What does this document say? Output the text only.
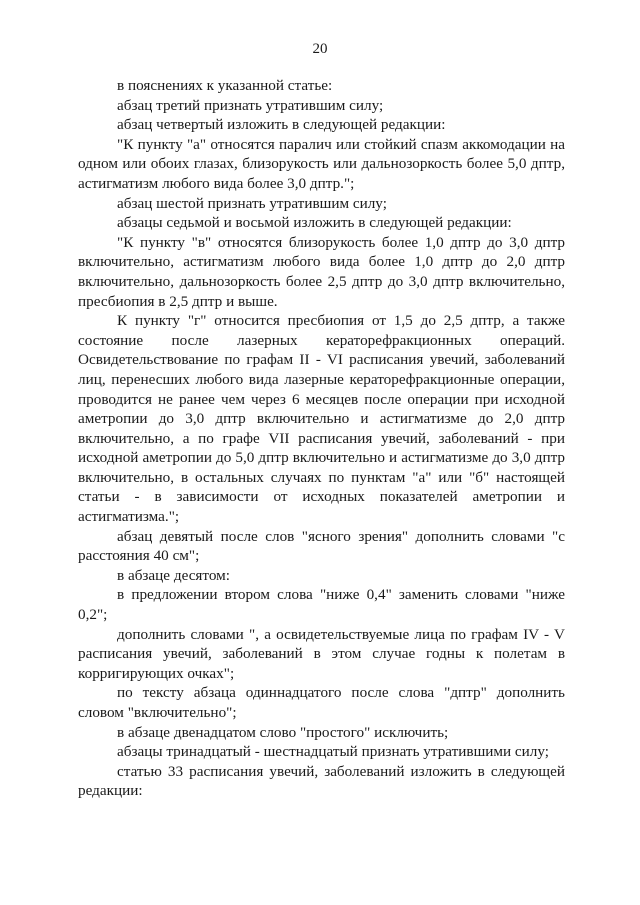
20

в пояснениях к указанной статье:

абзац третий признать утратившим силу;

абзац четвертый изложить в следующей редакции:

"К пункту "а" относятся паралич или стойкий спазм аккомодации на одном или обоих глазах, близорукость или дальнозоркость более 5,0 дптр, астигматизм любого вида более 3,0 дптр.";

абзац шестой признать утратившим силу;

абзацы седьмой и восьмой изложить в следующей редакции:

"К пункту "в" относятся близорукость более 1,0 дптр до 3,0 дптр включительно, астигматизм любого вида более 1,0 дптр до 2,0 дптр включительно, дальнозоркость более 2,5 дптр до 3,0 дптр включительно, пресбиопия в 2,5 дптр и выше.

К пункту "г" относится пресбиопия от 1,5 до 2,5 дптр, а также состояние после лазерных кераторефракционных операций. Освидетельствование по графам II - VI расписания увечий, заболеваний лиц, перенесших любого вида лазерные кераторефракционные операции, проводится не ранее чем через 6 месяцев после операции при исходной аметропии до 3,0 дптр включительно и астигматизме до 2,0 дптр включительно, а по графе VII расписания увечий, заболеваний - при исходной аметропии до 5,0 дптр включительно и астигматизме до 3,0 дптр включительно, в остальных случаях по пунктам "а" или "б" настоящей статьи - в зависимости от исходных показателей аметропии и астигматизма.";

абзац девятый после слов "ясного зрения" дополнить словами "с расстояния 40 см";

в абзаце десятом:

в предложении втором слова "ниже 0,4" заменить словами "ниже 0,2";

дополнить словами ", а освидетельствуемые лица по графам IV - V расписания увечий, заболеваний в этом случае годны к полетам в корригирующих очках";

по тексту абзаца одиннадцатого после слова "дптр" дополнить словом "включительно";

в абзаце двенадцатом слово "простого" исключить;

абзацы тринадцатый - шестнадцатый признать утратившими силу;

статью 33 расписания увечий, заболеваний изложить в следующей редакции:
